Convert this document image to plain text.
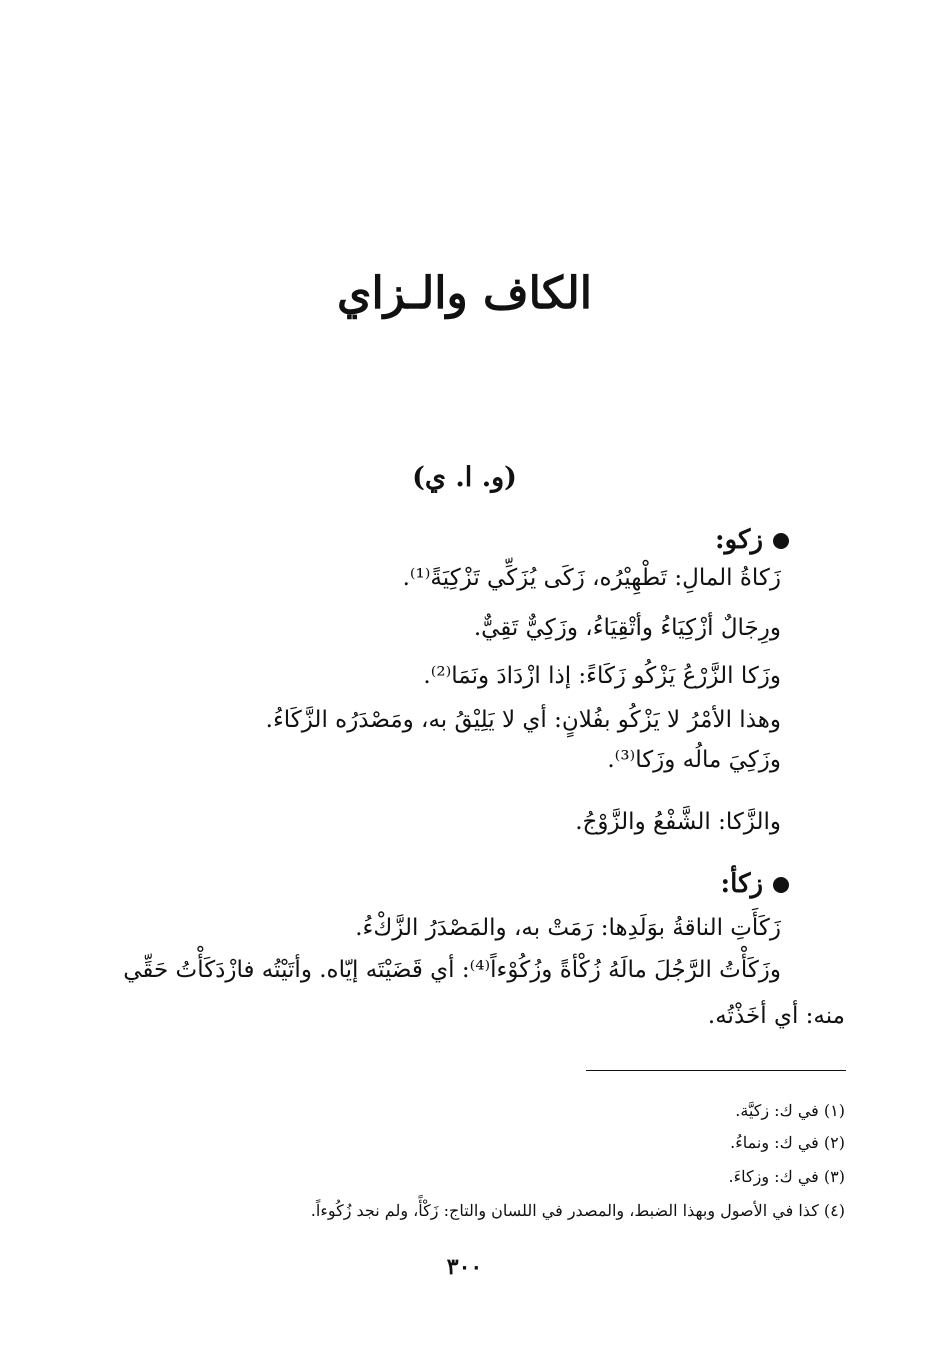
الكاف والـزاي
(و. ا. ي)
زكو:
زَكاةُ المالِ: تَطْهِيْرُه، زَكَى يُزَكِّي تَزْكِيَةً⁽¹⁾.
ورِجَالٌ أزْكِيَاءُ وأتْقِيَاءُ، وزَكِيٌّ تَقِيٌّ.
وزَكا الزَّرْعُ يَزْكُو زَكَاءً: إذا ازْدَادَ ونَمَا⁽²⁾.
وهذا الأمْرُ لا يَزْكُو بفُلانٍ: أي لا يَلِيْقُ به، ومَصْدَرُه الزَّكَاءُ.
وزَكِيَ مالُه وزَكا⁽³⁾.
والزَّكا: الشَّفْعُ والزَّوْجُ.
زكأ:
زَكَأَتِ الناقةُ بوَلَدِها: رَمَتْ به، والمَصْدَرُ الزَّكْءُ.
وزَكَأْتُ الرَّجُلَ مالَهُ زُكْأةً وزُكُوْءاً⁽⁴⁾: أي قَضَيْتَه إيّاه. وأتَيْتُه فازْدَكَأْتُ حَقِّي
منه: أي أخَذْتُه.
(١) في ك: زكيَّة.
(٢) في ك: ونماءُ.
(٣) في ك: وزكاءَ.
(٤) كذا في الأصول وبهذا الضبط، والمصدر في اللسان والتاج: زَكْأً، ولم نجد زُكُوءاً.
٣٠٠
